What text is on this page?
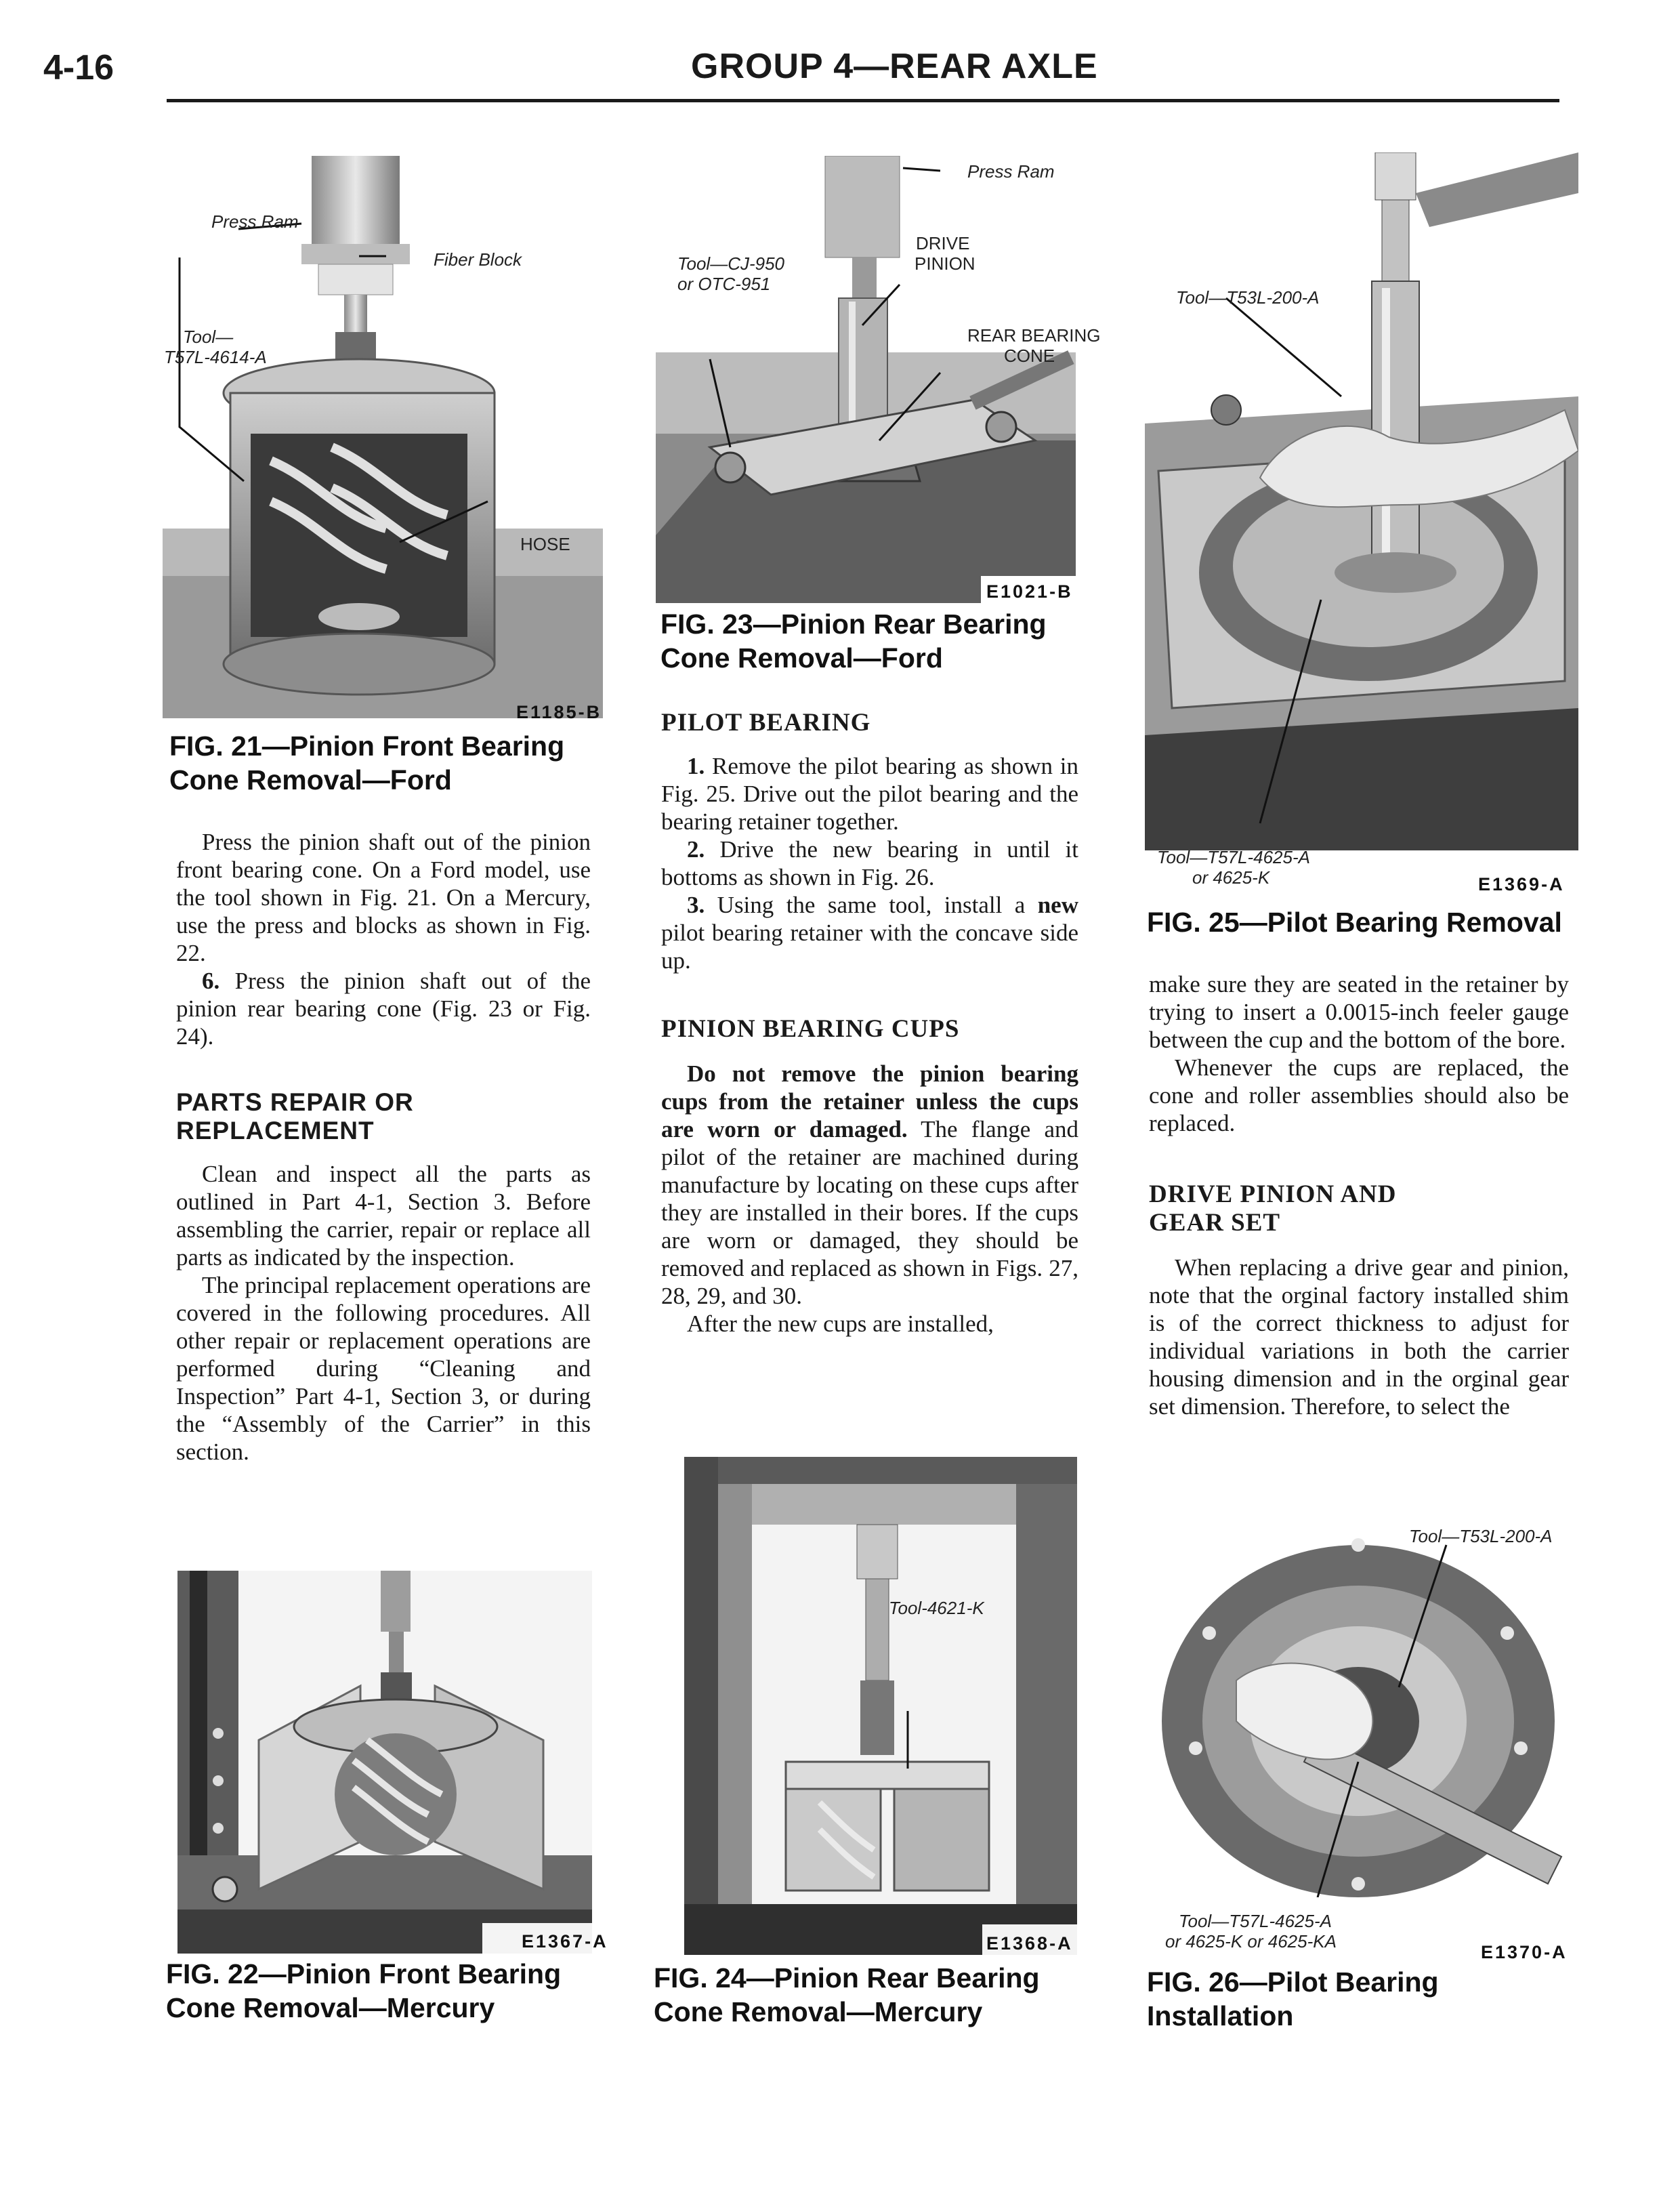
4-16	GROUP 4—REAR AXLE
Press Ram
Fiber Block
Tool—
T57L-4614-A
HOSE
E1185-B
FIG. 21—Pinion Front Bearing
Cone Removal—Ford

Press the pinion shaft out of the pinion front bearing cone. On a Ford model, use the tool shown in Fig. 21. On a Mercury, use the press and blocks as shown in Fig. 22.

6. Press the pinion shaft out of the pinion rear bearing cone (Fig. 23 or Fig. 24).

PARTS REPAIR OR
REPLACEMENT

Clean and inspect all the parts as outlined in Part 4-1, Section 3. Before assembling the carrier, repair or replace all parts as indicated by the inspection.

The principal replacement operations are covered in the following procedures. All other repair or replacement operations are performed during “Cleaning and Inspection” Part 4-1, Section 3, or during the “Assembly of the Carrier” in this section.

E1367-A
FIG. 22—Pinion Front Bearing
Cone Removal—Mercury
Press Ram
Tool—CJ-950
or OTC-951
DRIVE
PINION
REAR BEARING
CONE
E1021-B
FIG. 23—Pinion Rear Bearing
Cone Removal—Ford
PILOT BEARING

1. Remove the pilot bearing as shown in Fig. 25. Drive out the pilot bearing and the bearing retainer together.

2. Drive the new bearing in until it bottoms as shown in Fig. 26.

3. Using the same tool, install a new pilot bearing retainer with the concave side up.

PINION BEARING CUPS

Do not remove the pinion bearing cups from the retainer unless the cups are worn or damaged. The flange and pilot of the retainer are machined during manufacture by locating on these cups after they are installed in their bores. If the cups are worn or damaged, they should be removed and replaced as shown in Figs. 27, 28, 29, and 30.

After the new cups are installed,

Tool-4621-K
E1368-A
FIG. 24—Pinion Rear Bearing
Cone Removal—Mercury
Tool—T53L-200-A
Tool—T57L-4625-A
or 4625-K	E1369-A
FIG. 25—Pilot Bearing Removal

make sure they are seated in the retainer by trying to insert a 0.0015-inch feeler gauge between the cup and the bottom of the bore.

Whenever the cups are replaced, the cone and roller assemblies should also be replaced.

DRIVE PINION AND
GEAR SET

When replacing a drive gear and pinion, note that the orginal factory installed shim is of the correct thickness to adjust for individual variations in both the carrier housing dimension and in the orginal gear set dimension. Therefore, to select the

Tool—T53L-200-A
Tool—T57L-4625-A
or 4625-K or 4625-KA
E1370-A
FIG. 26—Pilot Bearing
Installation
